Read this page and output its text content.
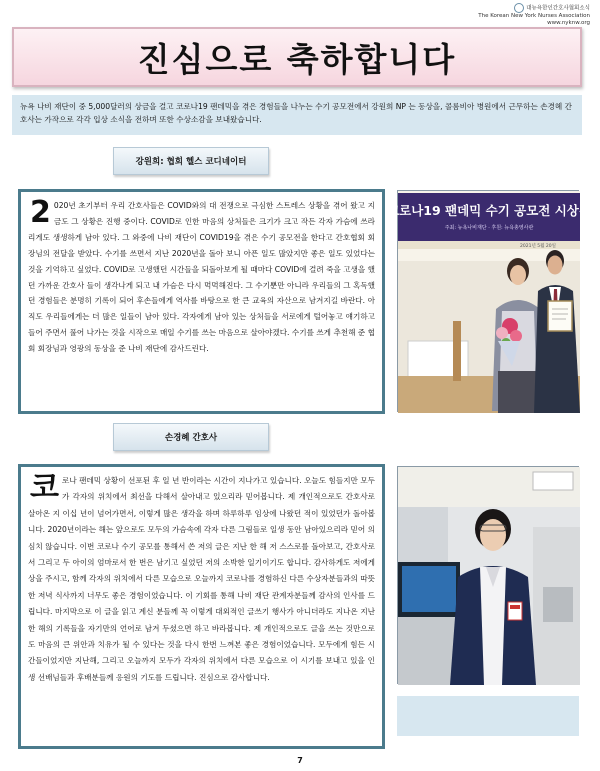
대뉴욕한인간호사협회소식
The Korean New York Nurses Association
www.nyknw.org
진심으로 축하합니다
뉴욕 나비 재단이 중 5,000달러의 상금을 걸고 코로나19 팬데믹을 겪은 경험들을 나누는 수기 공모전에서 강원희 NP 는 동상을, 콜롬비아 병원에서 근무하는 손경혜 간호사는 가작으로 각각 입상 소식을 전하며 또한 수상소감을 보내왔습니다.
강원희: 협회 헬스 코디네이터
2 020년 초기부터 우리 간호사들은 COVID와의 대 전쟁으로 극심한 스트레스 상황을 겪어 왔고 지금도 그 상황은 진행 중이다. COVID로 인한 마음의 상처들은 크기가 크고 작든 각자 가슴에 쓰라리게도 생생하게 남아 있다. 그 와중에 나비 재단이 COVID19을 겪은 수기 공모전을 한다고 간호협회 회장님의 전달을 받았다. 수기를 쓰면서 지난 2020년을 돌아 보니 아픈 일도 많았지만 좋은 일도 있었다는 것을 기억하고 싶었다. COVID로 고생했던 시간들을 되돌아보게 될 때마다 COVID에 걸려 죽을 고생을 했던 가까운 간호사 들이 생각나게 되고 내 가슴은 다시 먹먹해진다. 그 수기뿐만 아니라 우리들의 그 혹독했던 경험들은 분명히 기록이 되어 후손들에게 역사를 바탕으로 한 큰 교육의 자산으로 남겨지길 바란다. 아직도 우리들에게는 더 많은 일들이 남아 있다. 각자에게 남아 있는 상처들을 서로에게 털어놓고 얘기하고 들어 주면서 풀어 나가는 것을 시작으로 매일 수기를 쓰는 마음으로 살아야겠다. 수기를 쓰게 추천해 준 협회 회장님과 영광의 동상을 준 나비 재단에 감사드린다.
코로나19 팬데믹 수기 공모전 시상식
주최: 뉴욕나비재단 · 후원: 뉴욕총영사관
2021년 5월 20일
손경혜 간호사
코로나 팬데믹 상황이 선포된 후 일 년 반이라는 시간이 지나가고 있습니다. 오늘도 힘들지만 모두가 각자의 위치에서 최선을 다해서 살아내고 있으리라 믿어봅니다. 제 개인적으로도 간호사로 살아온 지 이십 년이 넘어가면서, 이렇게 많은 생각을 하며 하루하루 임상에 나왔던 적이 있었던가 돌아봅니다. 2020년이라는 해는 앞으로도 모두의 가슴속에 각자 다른 그림들로 일생 동안 남아있으리라 믿어 의심치 않습니다. 이번 코로나 수기 공모를 통해서 쓴 저의 글은 지난 한 해 저 스스로를 돌아보고, 간호사로서 그리고 두 아이의 엄마로서 한 번은 남기고 싶었던 저의 소박한 일기이기도 합니다. 감사하게도 저에게 상을 주시고, 함께 각자의 위치에서 다른 모습으로 오늘까지 코로나를 경험하신 다른 수상자분들과의 따뜻한 저녁 식사까지 너무도 좋은 경험이었습니다. 이 기회를 통해 나비 재단 관계자분들께 감사의 인사를 드립니다. 마지막으로 이 글을 읽고 계신 분들께 꼭 이렇게 대외적인 글쓰기 행사가 아니더라도 지나온 지난 한 해의 기록들을 자기만의 언어로 남겨 두셨으면 하고 바라봅니다. 제 개인적으로도 글을 쓰는 것만으로도 마음의 큰 위안과 치유가 될 수 있다는 것을 다시 한번 느껴본 좋은 경험이었습니다. 모두에게 힘든 시간들이었지만 지난해, 그리고 오늘까지 모두가 각자의 위치에서 다른 모습으로 이 시기를 보내고 있을 인생 선배님들과 후배분들께 응원의 기도를 드립니다. 진심으로 감사합니다.
7
